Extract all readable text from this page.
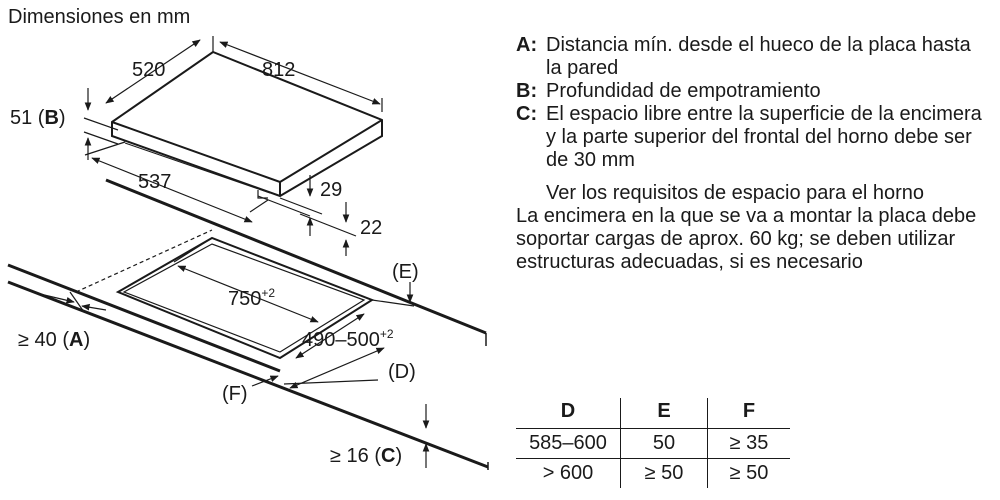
Dimensiones en mm
520	812
51 (B)
537	29
22
$750^{+2}$
$490-500^{+2}$
(E)
≥ 40 (A)
(D)
(F)
≥ 16 (C)
A: Distancia mín. desde el hueco de la placa hasta la pared
B: Profundidad de empotramiento
C: El espacio libre entre la superficie de la encimera y la parte superior del frontal del horno debe ser de 30 mm
Ver los requisitos de espacio para el horno
La encimera en la que se va a montar la placa debe soportar cargas de aprox. 60 kg; se deben utilizar estructuras adecuadas, si es necesario
D	E	F
585–600	50	≥ 35
> 600	≥ 50	≥ 50
